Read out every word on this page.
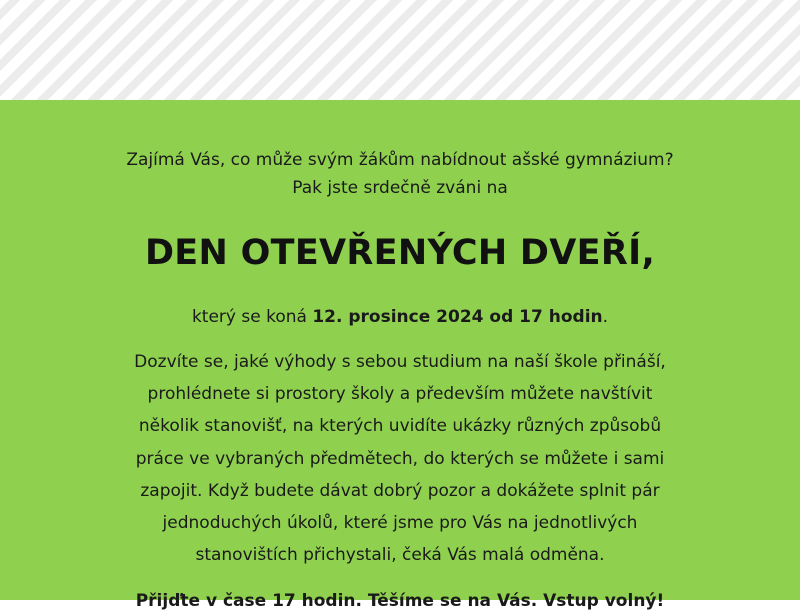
Zajímá Vás, co může svým žákům nabídnout ašské gymnázium?
Pak jste srdečně zváni na

DEN OTEVŘENÝCH DVEŘÍ,

který se koná 12. prosince 2024 od 17 hodin.

Dozvíte se, jaké výhody s sebou studium na naší škole přináší,
prohlédnete si prostory školy a především můžete navštívit
několik stanovišť, na kterých uvidíte ukázky různých způsobů
práce ve vybraných předmětech, do kterých se můžete i sami
zapojit. Když budete dávat dobrý pozor a dokážete splnit pár
jednoduchých úkolů, které jsme pro Vás na jednotlivých
stanovištích přichystali, čeká Vás malá odměna.

Přijďte v čase 17 hodin. Těšíme se na Vás. Vstup volný!
